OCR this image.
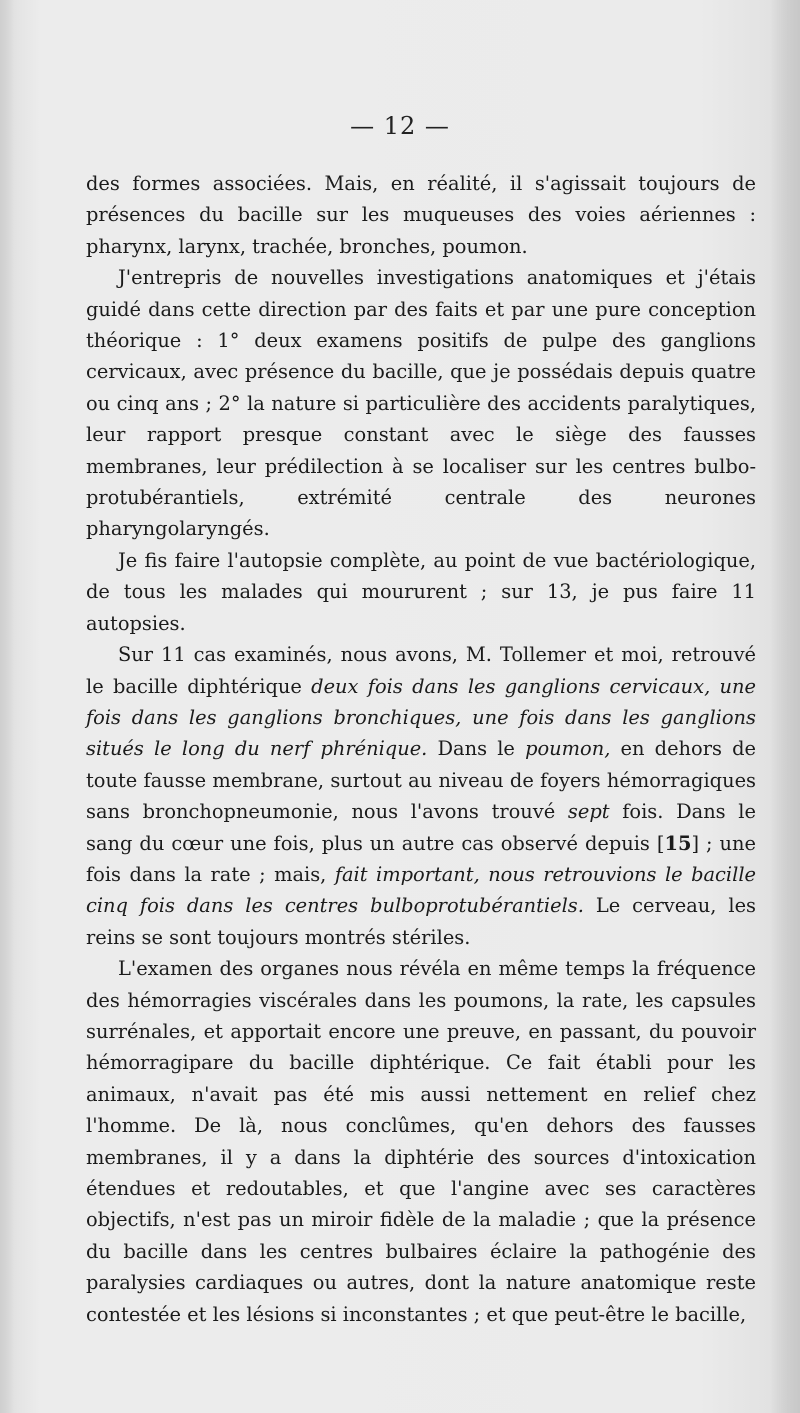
— 12 —

des formes associées. Mais, en réalité, il s'agissait toujours de présences du bacille sur les muqueuses des voies aériennes : pharynx, larynx, trachée, bronches, poumon.

J'entrepris de nouvelles investigations anatomiques et j'étais guidé dans cette direction par des faits et par une pure conception théorique : 1° deux examens positifs de pulpe des ganglions cervicaux, avec présence du bacille, que je possédais depuis quatre ou cinq ans ; 2° la nature si particulière des accidents paralytiques, leur rapport presque constant avec le siège des fausses membranes, leur prédilection à se localiser sur les centres bulbo-protubérantiels, extrémité centrale des neurones pharyngolaryngés.

Je fis faire l'autopsie complète, au point de vue bactériologique, de tous les malades qui moururent ; sur 13, je pus faire 11 autopsies.

Sur 11 cas examinés, nous avons, M. Tollemer et moi, retrouvé le bacille diphtérique deux fois dans les ganglions cervicaux, une fois dans les ganglions bronchiques, une fois dans les ganglions situés le long du nerf phrénique. Dans le poumon, en dehors de toute fausse membrane, surtout au niveau de foyers hémorragiques sans bronchopneumonie, nous l'avons trouvé sept fois. Dans le sang du cœur une fois, plus un autre cas observé depuis [15] ; une fois dans la rate ; mais, fait important, nous retrouvions le bacille cinq fois dans les centres bulboprotubérantiels. Le cerveau, les reins se sont toujours montrés stériles.

L'examen des organes nous révéla en même temps la fréquence des hémorragies viscérales dans les poumons, la rate, les capsules surrénales, et apportait encore une preuve, en passant, du pouvoir hémorragipare du bacille diphtérique. Ce fait établi pour les animaux, n'avait pas été mis aussi nettement en relief chez l'homme. De là, nous conclûmes, qu'en dehors des fausses membranes, il y a dans la diphtérie des sources d'intoxication étendues et redoutables, et que l'angine avec ses caractères objectifs, n'est pas un miroir fidèle de la maladie ; que la présence du bacille dans les centres bulbaires éclaire la pathogénie des paralysies cardiaques ou autres, dont la nature anatomique reste contestée et les lésions si inconstantes ; et que peut-être le bacille,
